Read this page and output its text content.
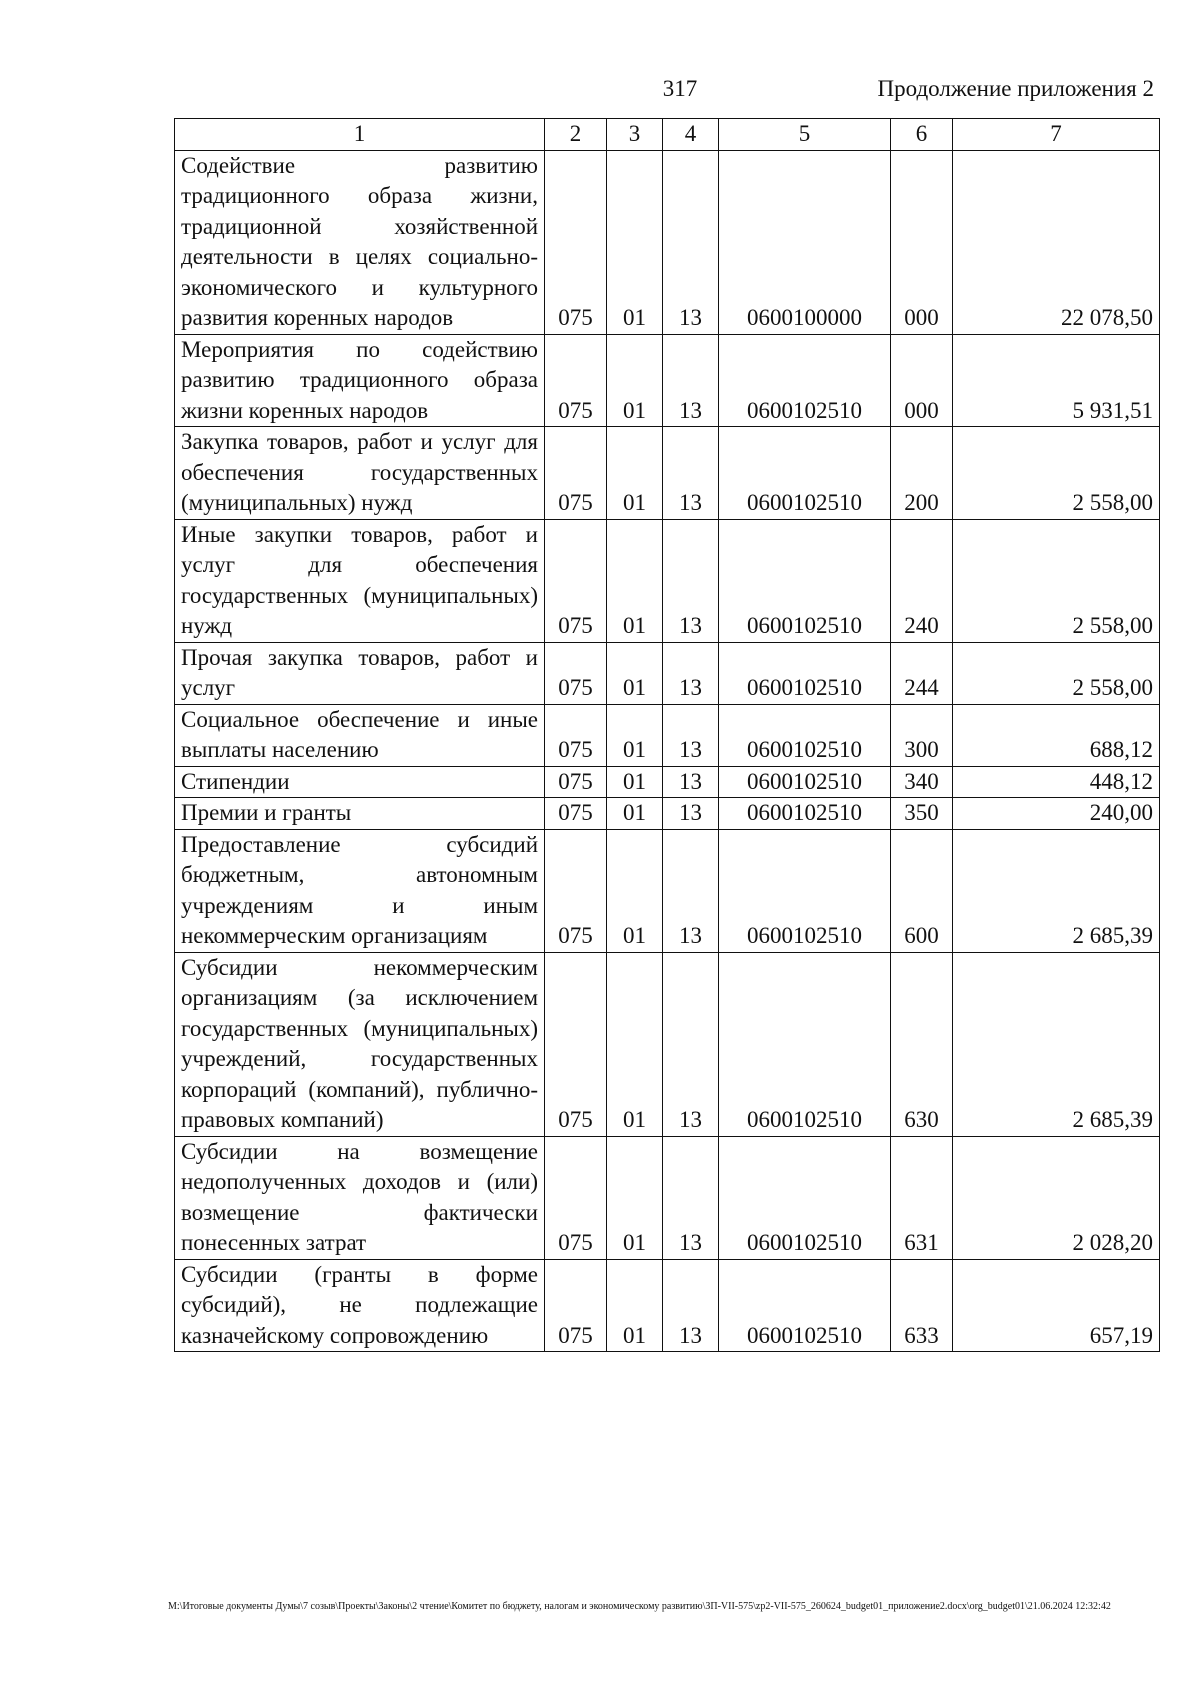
317	Продолжение приложения 2
1	2	3	4	5	6	7
Содействие развитию традиционного образа жизни, традиционной хозяйственной деятельности в целях социально-экономического и культурного развития коренных народов	075	01	13	0600100000	000	22 078,50
Мероприятия по содействию развитию традиционного образа жизни коренных народов	075	01	13	0600102510	000	5 931,51
Закупка товаров, работ и услуг для обеспечения государственных (муниципальных) нужд	075	01	13	0600102510	200	2 558,00
Иные закупки товаров, работ и услуг для обеспечения государственных (муниципальных) нужд	075	01	13	0600102510	240	2 558,00
Прочая закупка товаров, работ и услуг	075	01	13	0600102510	244	2 558,00
Социальное обеспечение и иные выплаты населению	075	01	13	0600102510	300	688,12
Стипендии	075	01	13	0600102510	340	448,12
Премии и гранты	075	01	13	0600102510	350	240,00
Предоставление субсидий бюджетным, автономным учреждениям и иным некоммерческим организациям	075	01	13	0600102510	600	2 685,39
Субсидии некоммерческим организациям (за исключением государственных (муниципальных) учреждений, государственных корпораций (компаний), публично-правовых компаний)	075	01	13	0600102510	630	2 685,39
Субсидии на возмещение недополученных доходов и (или) возмещение фактически понесенных затрат	075	01	13	0600102510	631	2 028,20
Субсидии (гранты в форме субсидий), не подлежащие казначейскому сопровождению	075	01	13	0600102510	633	657,19
M:\Итоговые документы Думы\7 созыв\Проекты\Законы\2 чтение\Комитет по бюджету, налогам и экономическому развитию\ЗП-VII-575\zp2-VII-575_260624_budget01_приложение2.docx\org_budget01\21.06.2024 12:32:42
